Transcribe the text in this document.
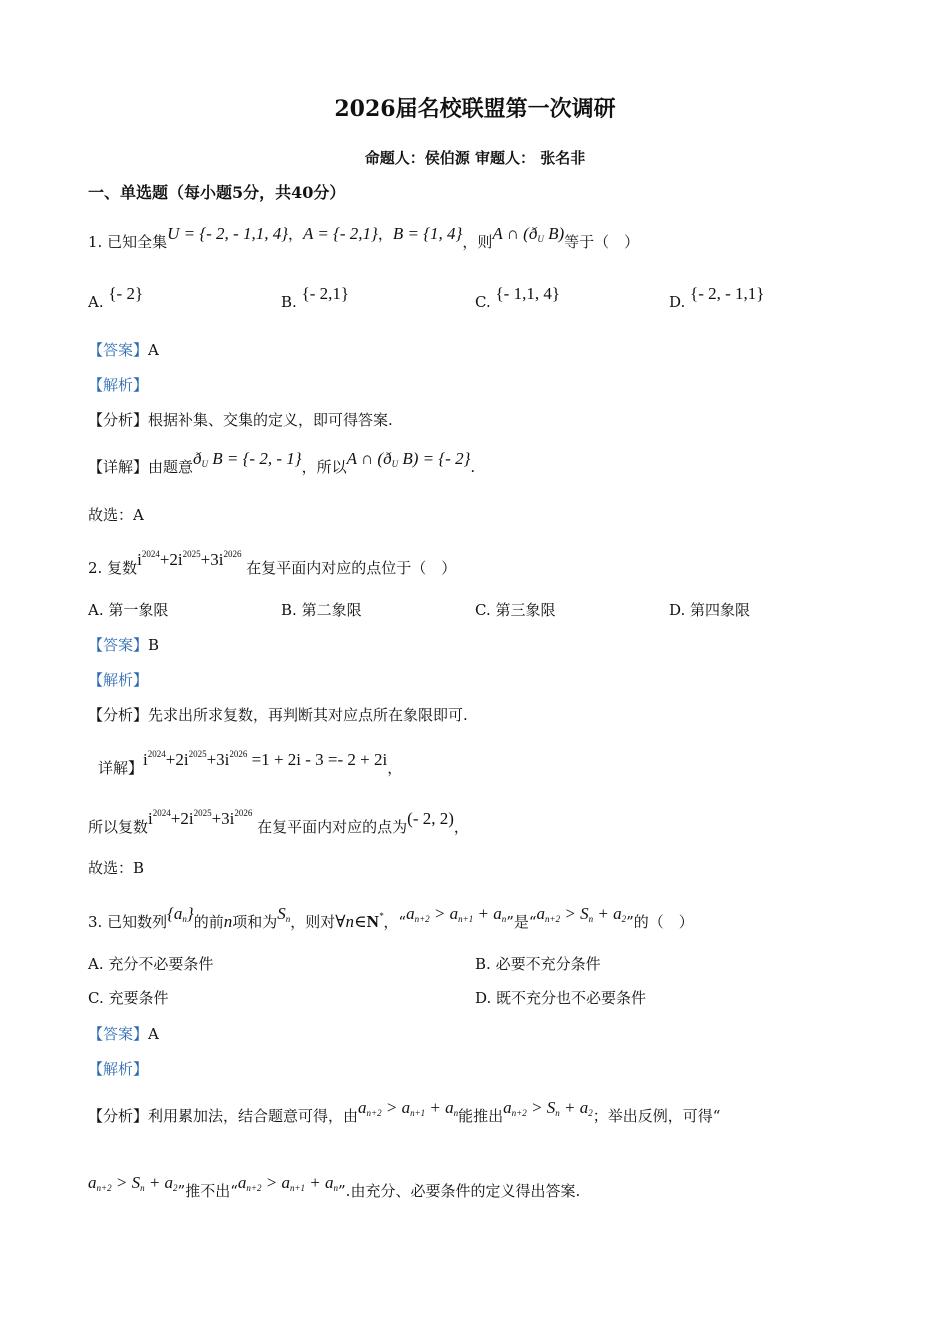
2026届名校联盟第一次调研
命题人：侯伯源 审题人： 张名非
一、单选题（每小题5分，共40分）
1. 已知全集U = {- 2, - 1,1, 4}，A = {- 2,1}，B = {1, 4}，则A ∩ ($ð_U$ B)等于（　）
A. {- 2}	B. {- 2,1}	C. {- 1,1, 4}	D. {- 2, - 1,1}
【答案】A
【解析】
【分析】根据补集、交集的定义，即可得答案.
【详解】由题意$ð_U$ B = {- 2, - 1}，所以A ∩ ($ð_U$ B) = {- 2}.
故选：A
2. 复数$i^{2024}+2i^{2025}+3i^{2026}$ 在复平面内对应的点位于（　）
A. 第一象限	B. 第二象限	C. 第三象限	D. 第四象限
【答案】B
【解析】
【分析】先求出所求复数，再判断其对应点所在象限即可.
详解】$i^{2024}+2i^{2025}+3i^{2026} =1 + 2i - 3 =- 2 + 2i$，
所以复数$i^{2024}+2i^{2025}+3i^{2026}$ 在复平面内对应的点为(- 2, 2)，
故选：B
3. 已知数列$\{a_n\}$的前n项和为$S_n$，则对∀n∈N*，“$a_{n+2} > a_{n+1} + a_n$”是“$a_{n+2} > S_n + a_2$”的（　）
A. 充分不必要条件	B. 必要不充分条件
C. 充要条件	D. 既不充分也不必要条件
【答案】A
【解析】
【分析】利用累加法，结合题意可得，由$a_{n+2} > a_{n+1} + a_n$能推出$a_{n+2} > S_n + a_2$；举出反例，可得“
$a_{n+2} > S_n + a_2$”推不出“$a_{n+2} > a_{n+1} + a_n$”.由充分、必要条件的定义得出答案.
